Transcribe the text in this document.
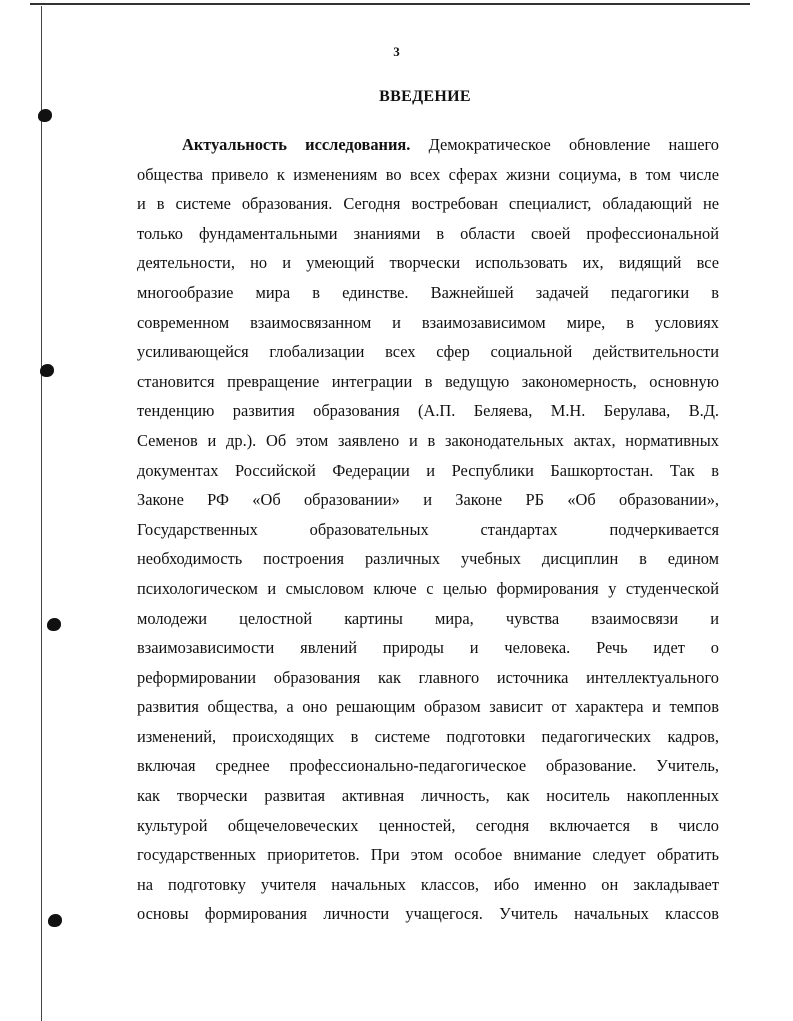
3
ВВЕДЕНИЕ
Актуальность исследования. Демократическое обновление нашего
общества привело к изменениям во всех сферах жизни социума, в том числе
и в системе образования. Сегодня востребован специалист, обладающий не
только фундаментальными знаниями в области своей профессиональной
деятельности, но и умеющий творчески использовать их, видящий все
многообразие мира в единстве. Важнейшей задачей педагогики в
современном взаимосвязанном и взаимозависимом мире, в условиях
усиливающейся глобализации всех сфер социальной действительности
становится превращение интеграции в ведущую закономерность, основную
тенденцию развития образования (А.П. Беляева, М.Н. Берулава, В.Д.
Семенов и др.). Об этом заявлено и в законодательных актах, нормативных
документах Российской Федерации и Республики Башкортостан. Так в
Законе РФ «Об образовании» и Законе РБ «Об образовании»,
Государственных образовательных стандартах подчеркивается
необходимость построения различных учебных дисциплин в едином
психологическом и смысловом ключе с целью формирования у студенческой
молодежи целостной картины мира, чувства взаимосвязи и
взаимозависимости явлений природы и человека. Речь идет о
реформировании образования как главного источника интеллектуального
развития общества, а оно решающим образом зависит от характера и темпов
изменений, происходящих в системе подготовки педагогических кадров,
включая среднее профессионально-педагогическое образование. Учитель,
как творчески развитая активная личность, как носитель накопленных
культурой общечеловеческих ценностей, сегодня включается в число
государственных приоритетов. При этом особое внимание следует обратить
на подготовку учителя начальных классов, ибо именно он закладывает
основы формирования личности учащегося. Учитель начальных классов
